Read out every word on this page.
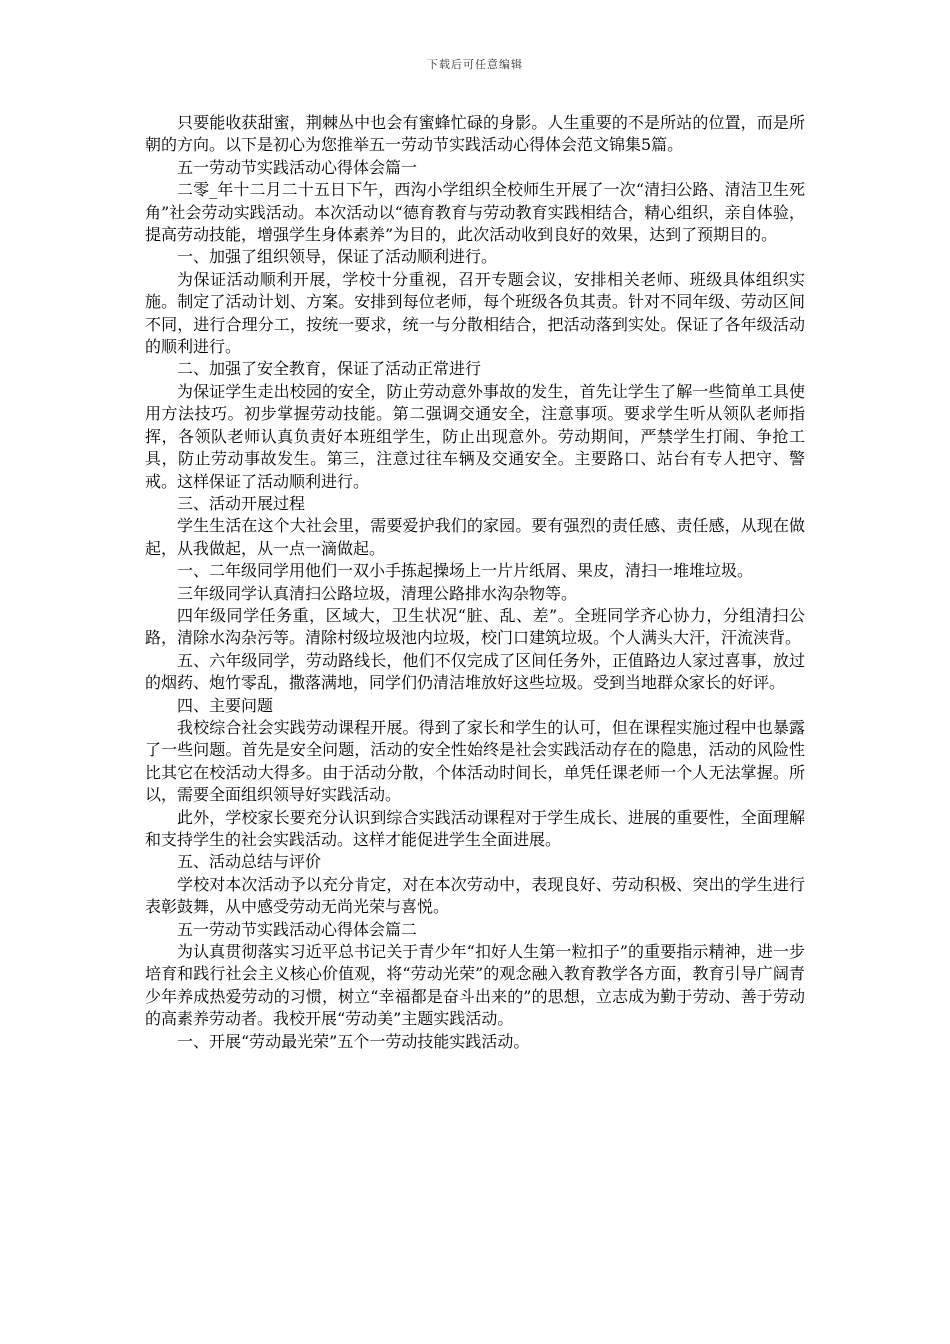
下载后可任意编辑

只要能收获甜蜜，荆棘丛中也会有蜜蜂忙碌的身影。人生重要的不是所站的位置，而是所朝的方向。以下是初心为您推举五一劳动节实践活动心得体会范文锦集5篇。

五一劳动节实践活动心得体会篇一

二零_年十二月二十五日下午，西沟小学组织全校师生开展了一次“清扫公路、清洁卫生死角”社会劳动实践活动。本次活动以“德育教育与劳动教育实践相结合，精心组织，亲自体验，提高劳动技能，增强学生身体素养”为目的，此次活动收到良好的效果，达到了预期目的。

一、加强了组织领导，保证了活动顺利进行。

为保证活动顺利开展，学校十分重视，召开专题会议，安排相关老师、班级具体组织实施。制定了活动计划、方案。安排到每位老师，每个班级各负其责。针对不同年级、劳动区间不同，进行合理分工，按统一要求，统一与分散相结合，把活动落到实处。保证了各年级活动的顺利进行。

二、加强了安全教育，保证了活动正常进行

为保证学生走出校园的安全，防止劳动意外事故的发生，首先让学生了解一些简单工具使用方法技巧。初步掌握劳动技能。第二强调交通安全，注意事项。要求学生听从领队老师指挥，各领队老师认真负责好本班组学生，防止出现意外。劳动期间，严禁学生打闹、争抢工具，防止劳动事故发生。第三，注意过往车辆及交通安全。主要路口、站台有专人把守、警戒。这样保证了活动顺利进行。

三、活动开展过程

学生生活在这个大社会里，需要爱护我们的家园。要有强烈的责任感、责任感，从现在做起，从我做起，从一点一滴做起。

一、二年级同学用他们一双小手拣起操场上一片片纸屑、果皮，清扫一堆堆垃圾。

三年级同学认真清扫公路垃圾，清理公路排水沟杂物等。

四年级同学任务重，区域大，卫生状况“脏、乱、差”。全班同学齐心协力，分组清扫公路，清除水沟杂污等。清除村级垃圾池内垃圾，校门口建筑垃圾。个人满头大汗，汗流浃背。

五、六年级同学，劳动路线长，他们不仅完成了区间任务外，正值路边人家过喜事，放过的烟药、炮竹零乱，撒落满地，同学们仍清洁堆放好这些垃圾。受到当地群众家长的好评。

四、主要问题

我校综合社会实践劳动课程开展。得到了家长和学生的认可，但在课程实施过程中也暴露了一些问题。首先是安全问题，活动的安全性始终是社会实践活动存在的隐患，活动的风险性比其它在校活动大得多。由于活动分散，个体活动时间长，单凭任课老师一个人无法掌握。所以，需要全面组织领导好实践活动。

此外，学校家长要充分认识到综合实践活动课程对于学生成长、进展的重要性，全面理解和支持学生的社会实践活动。这样才能促进学生全面进展。

五、活动总结与评价

学校对本次活动予以充分肯定，对在本次劳动中，表现良好、劳动积极、突出的学生进行表彰鼓舞，从中感受劳动无尚光荣与喜悦。

五一劳动节实践活动心得体会篇二

为认真贯彻落实习近平总书记关于青少年“扣好人生第一粒扣子”的重要指示精神，进一步培育和践行社会主义核心价值观，将“劳动光荣”的观念融入教育教学各方面，教育引导广阔青少年养成热爱劳动的习惯，树立“幸福都是奋斗出来的”的思想，立志成为勤于劳动、善于劳动的高素养劳动者。我校开展“劳动美”主题实践活动。

一、开展“劳动最光荣”五个一劳动技能实践活动。
